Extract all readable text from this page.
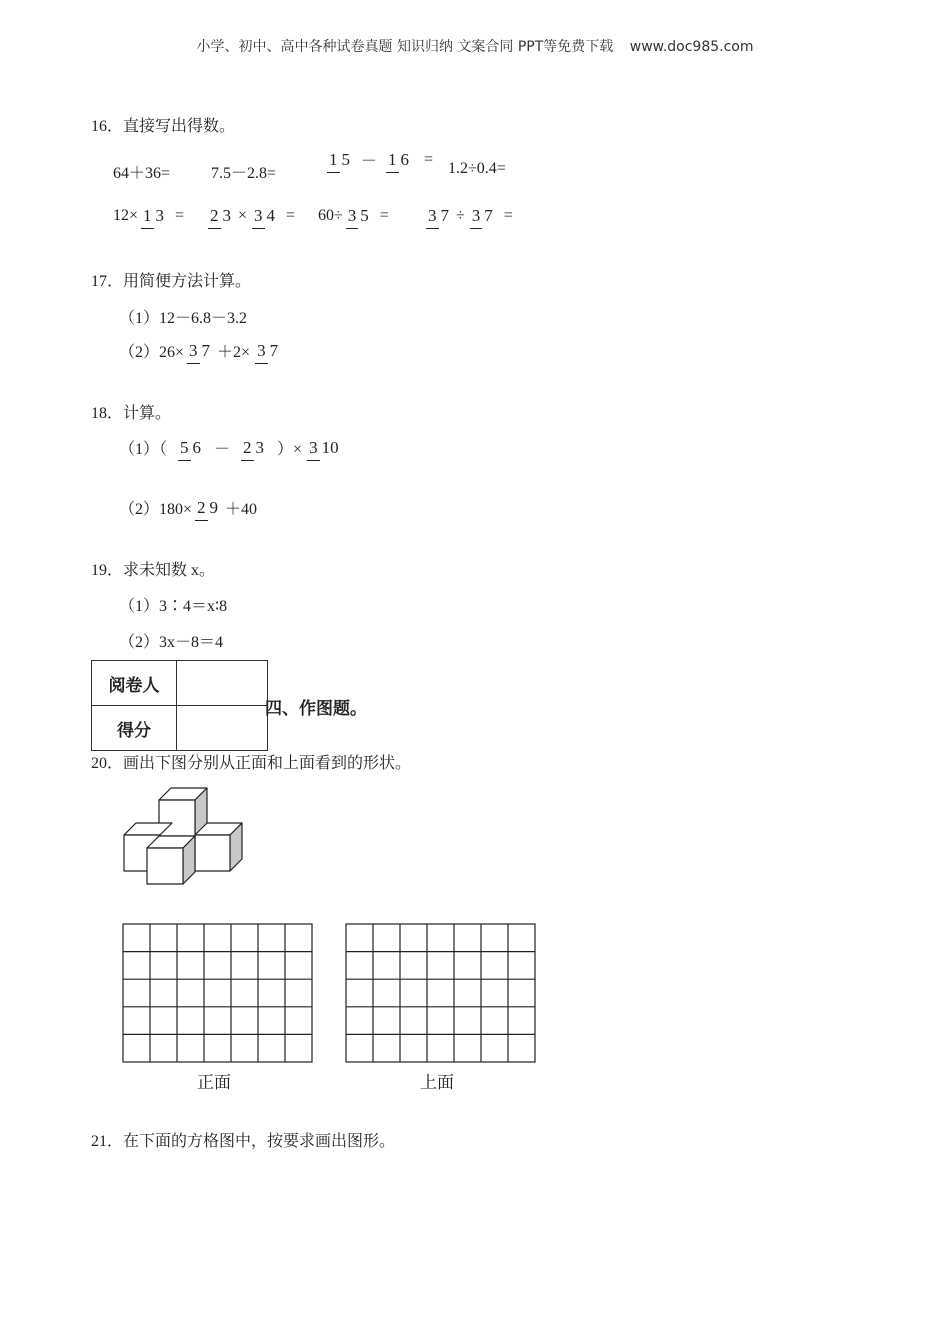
小学、初中、高中各种试卷真题 知识归纳 文案合同 PPT等免费下载 www.doc985.com
16．直接写出得数。
64＋36=	7.5－2.8=
1 5 － 1 6 =
1.2÷0.4=
12× 1 3 = 2 3 × 3 4 = 60÷ 3 5 = 3 7 ÷ 3 7 =
17．用简便方法计算。
（1）12－6.8－3.2
（2）26× 3 7 ＋2× 3 7
18．计算。
（1）（ 5 6 － 2 3 ）× 3 10
（2）180× 2 9 ＋40
19．求未知数 x。
（1）3∶4＝x∶8
（2）3x－8＝4
阅卷人	
得分	
四、作图题。
20．画出下图分别从正面和上面看到的形状。
正面	上面
21．在下面的方格图中，按要求画出图形。
